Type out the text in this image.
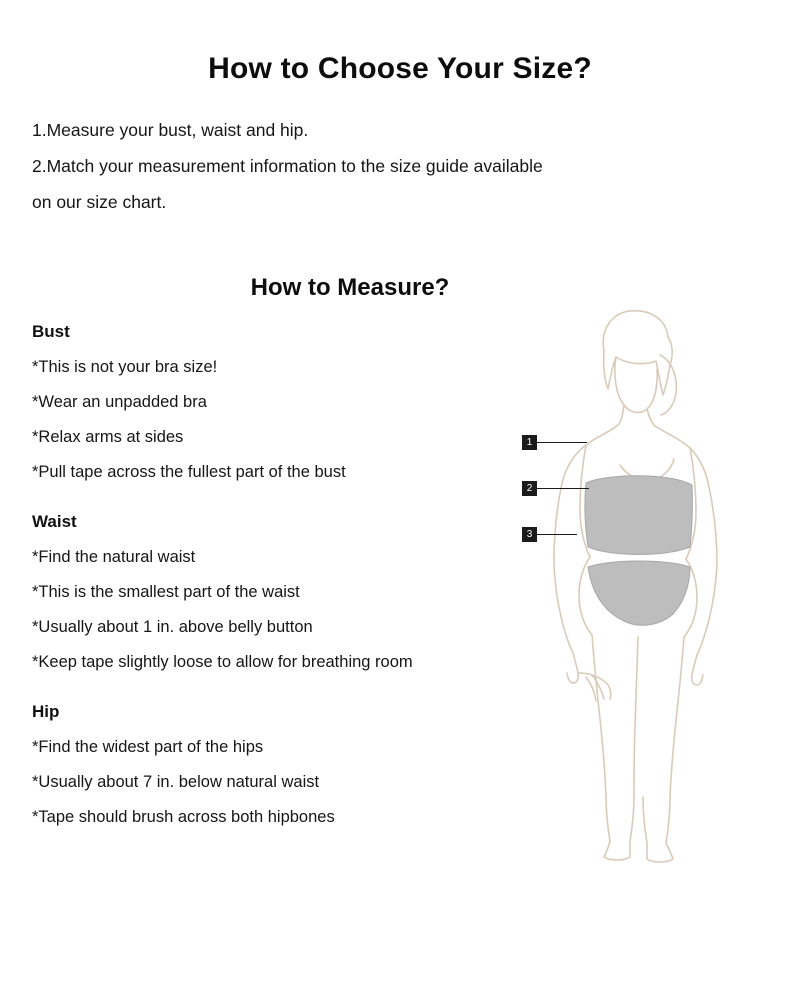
How to Choose Your Size?
1.Measure your bust, waist and hip.
2.Match your measurement information to the size guide available
on our size chart.
How to Measure?
Bust
*This is not your bra size!
*Wear an unpadded bra
*Relax arms at sides
*Pull tape across the fullest part of the bust
Waist
*Find the natural waist
*This is the smallest part of the waist
*Usually about 1 in. above belly button
*Keep tape slightly loose to allow for breathing room
Hip
*Find the widest part of the hips
*Usually about 7 in. below natural waist
*Tape should brush across both hipbones
1
2
3
